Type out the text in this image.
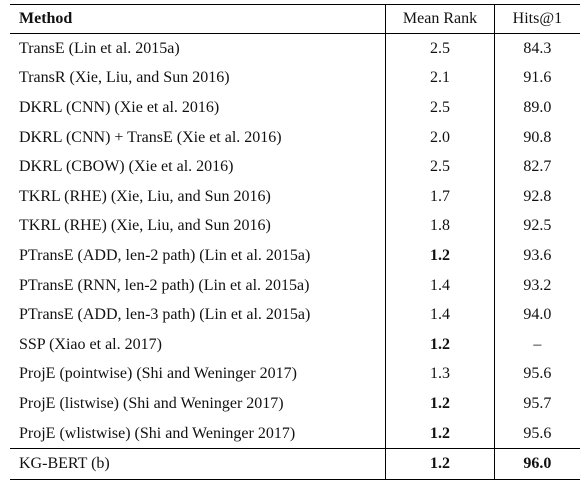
Method	Mean Rank	Hits@1
TransE (Lin et al. 2015a)	2.5	84.3
TransR (Xie, Liu, and Sun 2016)	2.1	91.6
DKRL (CNN) (Xie et al. 2016)	2.5	89.0
DKRL (CNN) + TransE (Xie et al. 2016)	2.0	90.8
DKRL (CBOW) (Xie et al. 2016)	2.5	82.7
TKRL (RHE) (Xie, Liu, and Sun 2016)	1.7	92.8
TKRL (RHE) (Xie, Liu, and Sun 2016)	1.8	92.5
PTransE (ADD, len-2 path) (Lin et al. 2015a)	1.2	93.6
PTransE (RNN, len-2 path) (Lin et al. 2015a)	1.4	93.2
PTransE (ADD, len-3 path) (Lin et al. 2015a)	1.4	94.0
SSP (Xiao et al. 2017)	1.2	–
ProjE (pointwise) (Shi and Weninger 2017)	1.3	95.6
ProjE (listwise) (Shi and Weninger 2017)	1.2	95.7
ProjE (wlistwise) (Shi and Weninger 2017)	1.2	95.6
KG-BERT (b)	1.2	96.0
